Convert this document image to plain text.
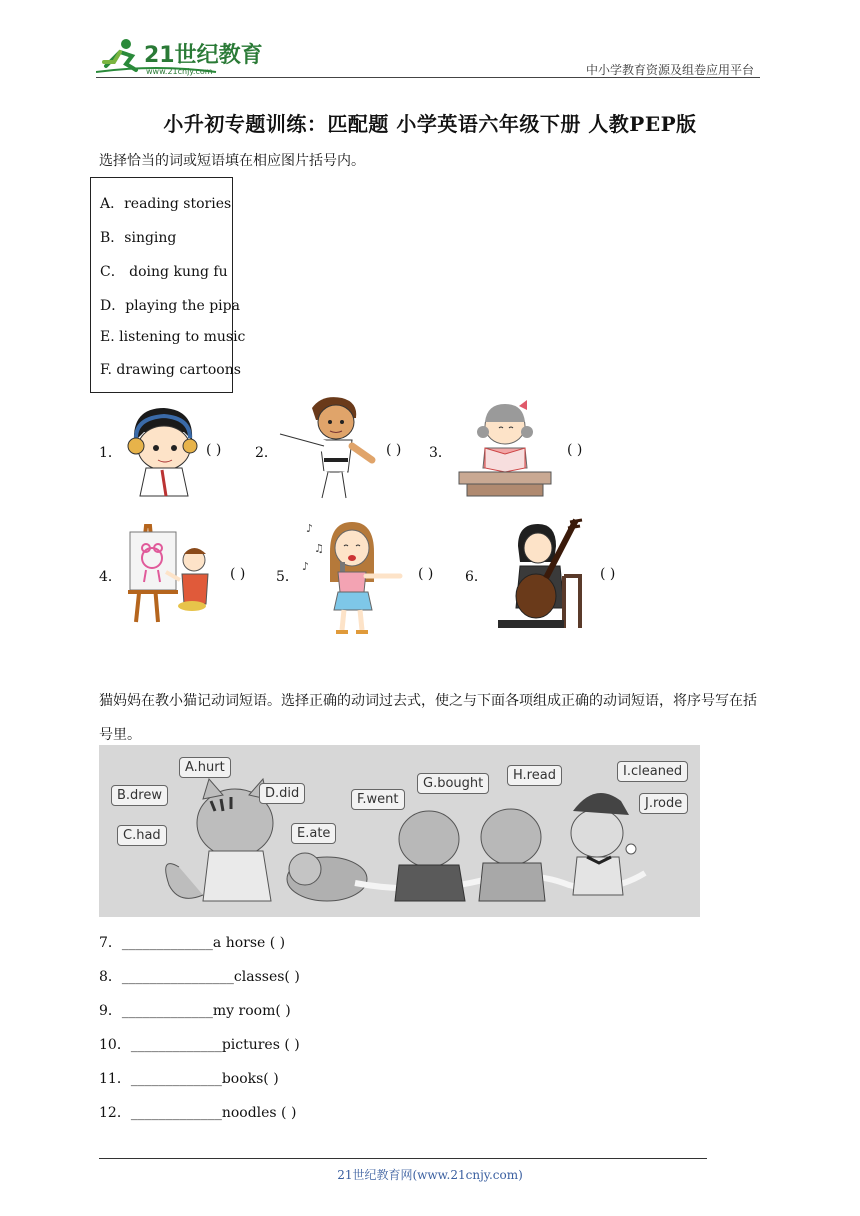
21世纪教育
www.21cnjy.com	中小学教育资源及组卷应用平台
小升初专题训练：匹配题 小学英语六年级下册 人教PEP版
选择恰当的词或短语填在相应图片括号内。
A．reading stories
B．singing
C． doing kung fu
D．playing the pipa
E. listening to music
F. drawing cartoons
1．	( ) 2．	( ) 3．	( )
4．	( ) 5．
♪
♫
♪	( ) 6．	( )
猫妈妈在教小猫记动词短语。选择正确的动词过去式，使之与下面各项组成正确的动词短语，将序号写在括号里。
A.hurt
B.drew
C.had
D.did
E.ate
F.went
G.bought
H.read	I.cleaned
J.rode
7．_____________a horse ( )
8．________________classes( )
9．_____________my room( )
10．_____________pictures ( )
11．_____________books( )
12．_____________noodles ( )
21世纪教育网(www.21cnjy.com)
